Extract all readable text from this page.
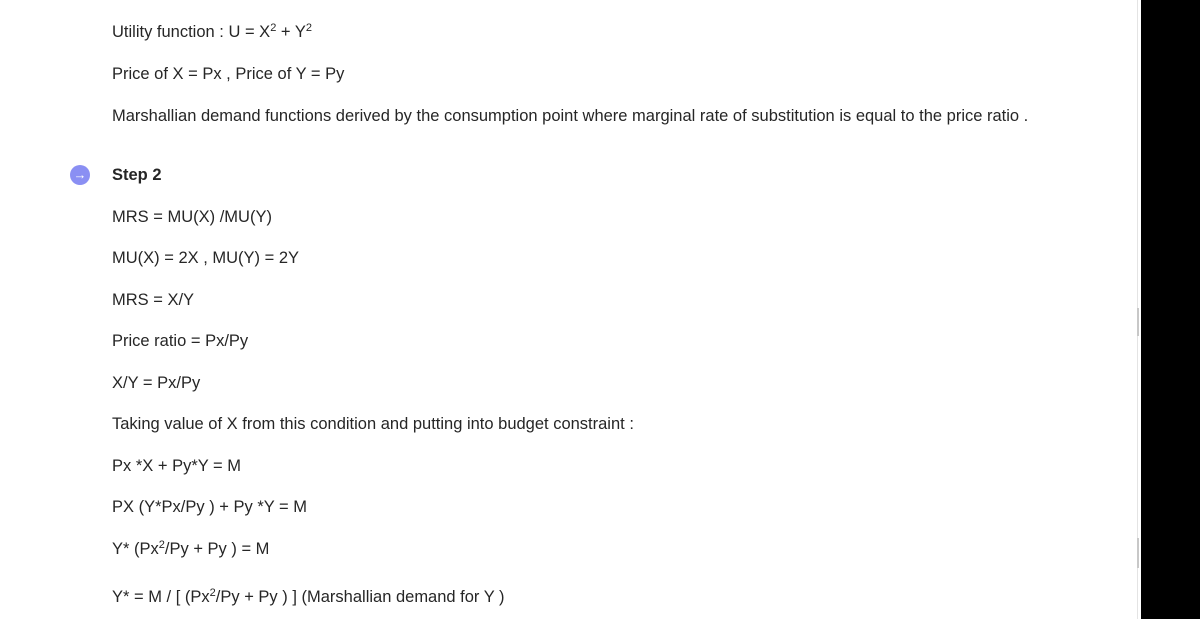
Utility function : $U = X^2 + Y^2$
Price of X = Px , Price of Y = Py
Marshallian demand functions derived by the consumption point where marginal rate of substitution is equal to the price ratio .
→ Step 2
MRS = MU(X) /MU(Y)
MU(X) = 2X , MU(Y) = 2Y
MRS = X/Y
Price ratio = Px/Py
X/Y = Px/Py
Taking value of X from this condition and putting into budget constraint :
Px *X + Py*Y = M
PX (Y*Px/Py ) + Py *Y = M
Y* ($Px^2/Py + Py$ ) = M
Y* = M / [ ($Px^2/Py + Py$ ) ] (Marshallian demand for Y )
